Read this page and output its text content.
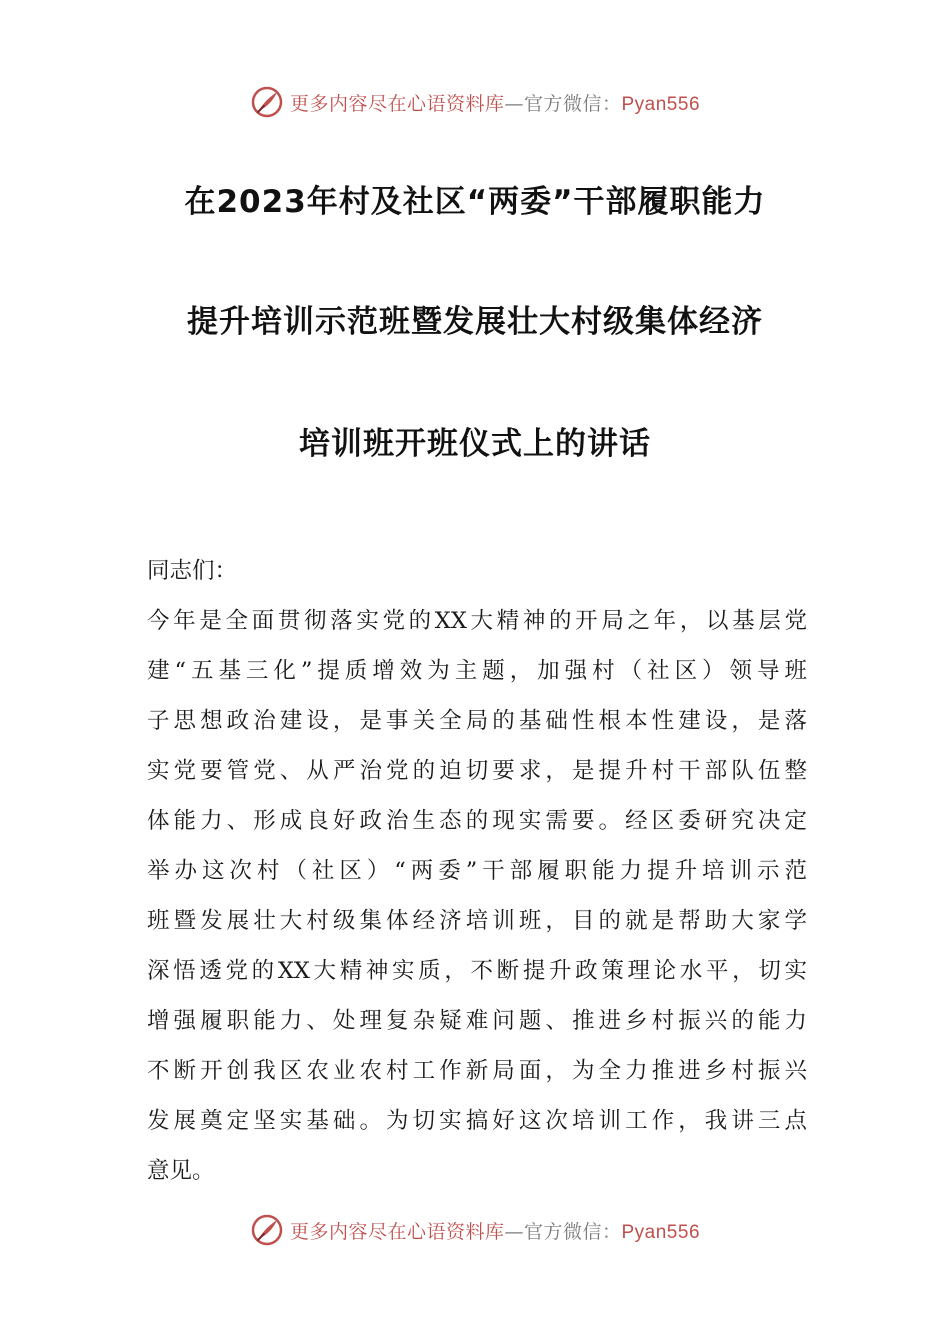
更多内容尽在心语资料库—官方微信：Pyan556
在2023年村及社区“两委”干部履职能力
提升培训示范班暨发展壮大村级集体经济
培训班开班仪式上的讲话
同志们：
今年是全面贯彻落实党的XX大精神的开局之年，以基层党
建“五基三化”提质增效为主题，加强村（社区）领导班
子思想政治建设，是事关全局的基础性根本性建设，是落
实党要管党、从严治党的迫切要求，是提升村干部队伍整
体能力、形成良好政治生态的现实需要。经区委研究决定
举办这次村（社区）“两委”干部履职能力提升培训示范
班暨发展壮大村级集体经济培训班，目的就是帮助大家学
深悟透党的XX大精神实质，不断提升政策理论水平，切实
增强履职能力、处理复杂疑难问题、推进乡村振兴的能力
不断开创我区农业农村工作新局面，为全力推进乡村振兴
发展奠定坚实基础。为切实搞好这次培训工作，我讲三点
意见。
更多内容尽在心语资料库—官方微信：Pyan556
